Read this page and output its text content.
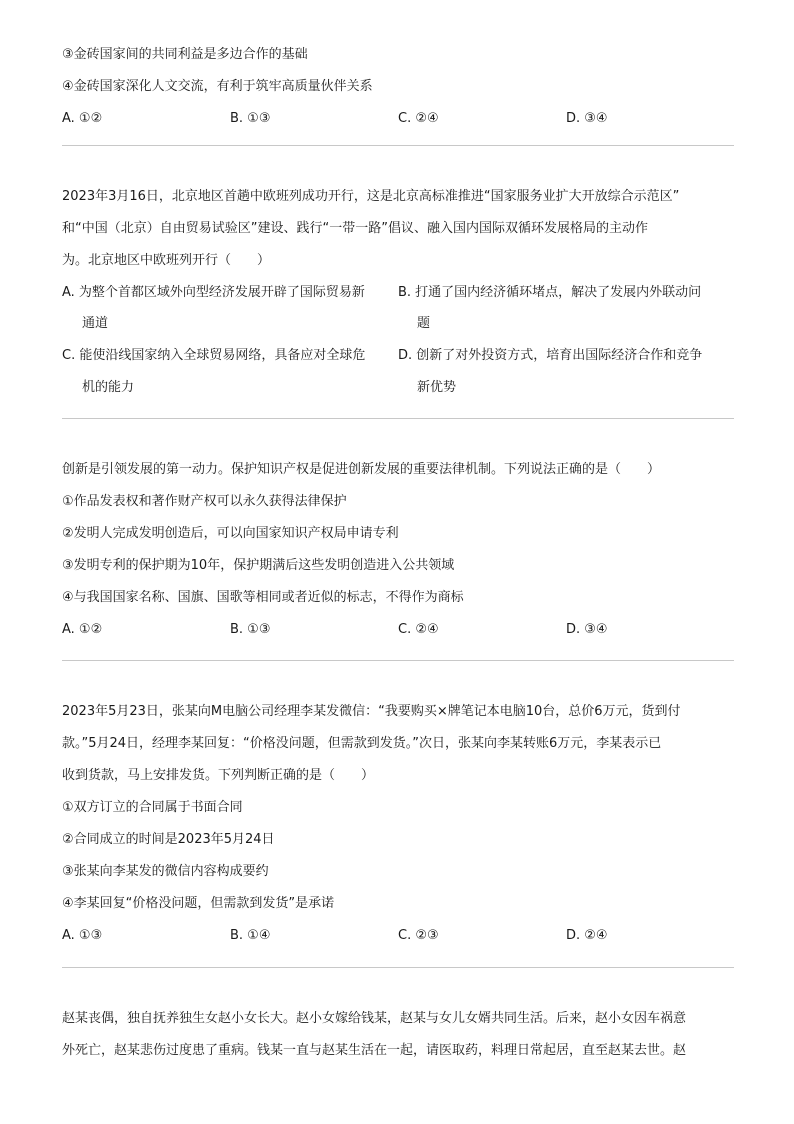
③金砖国家间的共同利益是多边合作的基础
④金砖国家深化人文交流，有利于筑牢高质量伙伴关系
A. ①②	B. ①③	C. ②④	D. ③④
2023年3月16日，北京地区首趟中欧班列成功开行，这是北京高标准推进“国家服务业扩大开放综合示范区”
和“中国（北京）自由贸易试验区”建设、践行“一带一路”倡议、融入国内国际双循环发展格局的主动作
为。北京地区中欧班列开行（　　）
A. 为整个首都区域外向型经济发展开辟了国际贸易新
通道
B. 打通了国内经济循环堵点，解决了发展内外联动问
题
C. 能使沿线国家纳入全球贸易网络，具备应对全球危
机的能力
D. 创新了对外投资方式，培育出国际经济合作和竞争
新优势
创新是引领发展的第一动力。保护知识产权是促进创新发展的重要法律机制。下列说法正确的是（　　）
①作品发表权和著作财产权可以永久获得法律保护
②发明人完成发明创造后，可以向国家知识产权局申请专利
③发明专利的保护期为10年，保护期满后这些发明创造进入公共领域
④与我国国家名称、国旗、国歌等相同或者近似的标志，不得作为商标
A. ①②	B. ①③	C. ②④	D. ③④
2023年5月23日，张某向M电脑公司经理李某发微信：“我要购买×牌笔记本电脑10台，总价6万元，货到付
款。”5月24日，经理李某回复：“价格没问题，但需款到发货。”次日，张某向李某转账6万元，李某表示已
收到货款，马上安排发货。下列判断正确的是（　　）
①双方订立的合同属于书面合同
②合同成立的时间是2023年5月24日
③张某向李某发的微信内容构成要约
④李某回复“价格没问题，但需款到发货”是承诺
A. ①③	B. ①④	C. ②③	D. ②④
赵某丧偶，独自抚养独生女赵小女长大。赵小女嫁给钱某，赵某与女儿女婿共同生活。后来，赵小女因车祸意
外死亡，赵某悲伤过度患了重病。钱某一直与赵某生活在一起，请医取药，料理日常起居，直至赵某去世。赵
